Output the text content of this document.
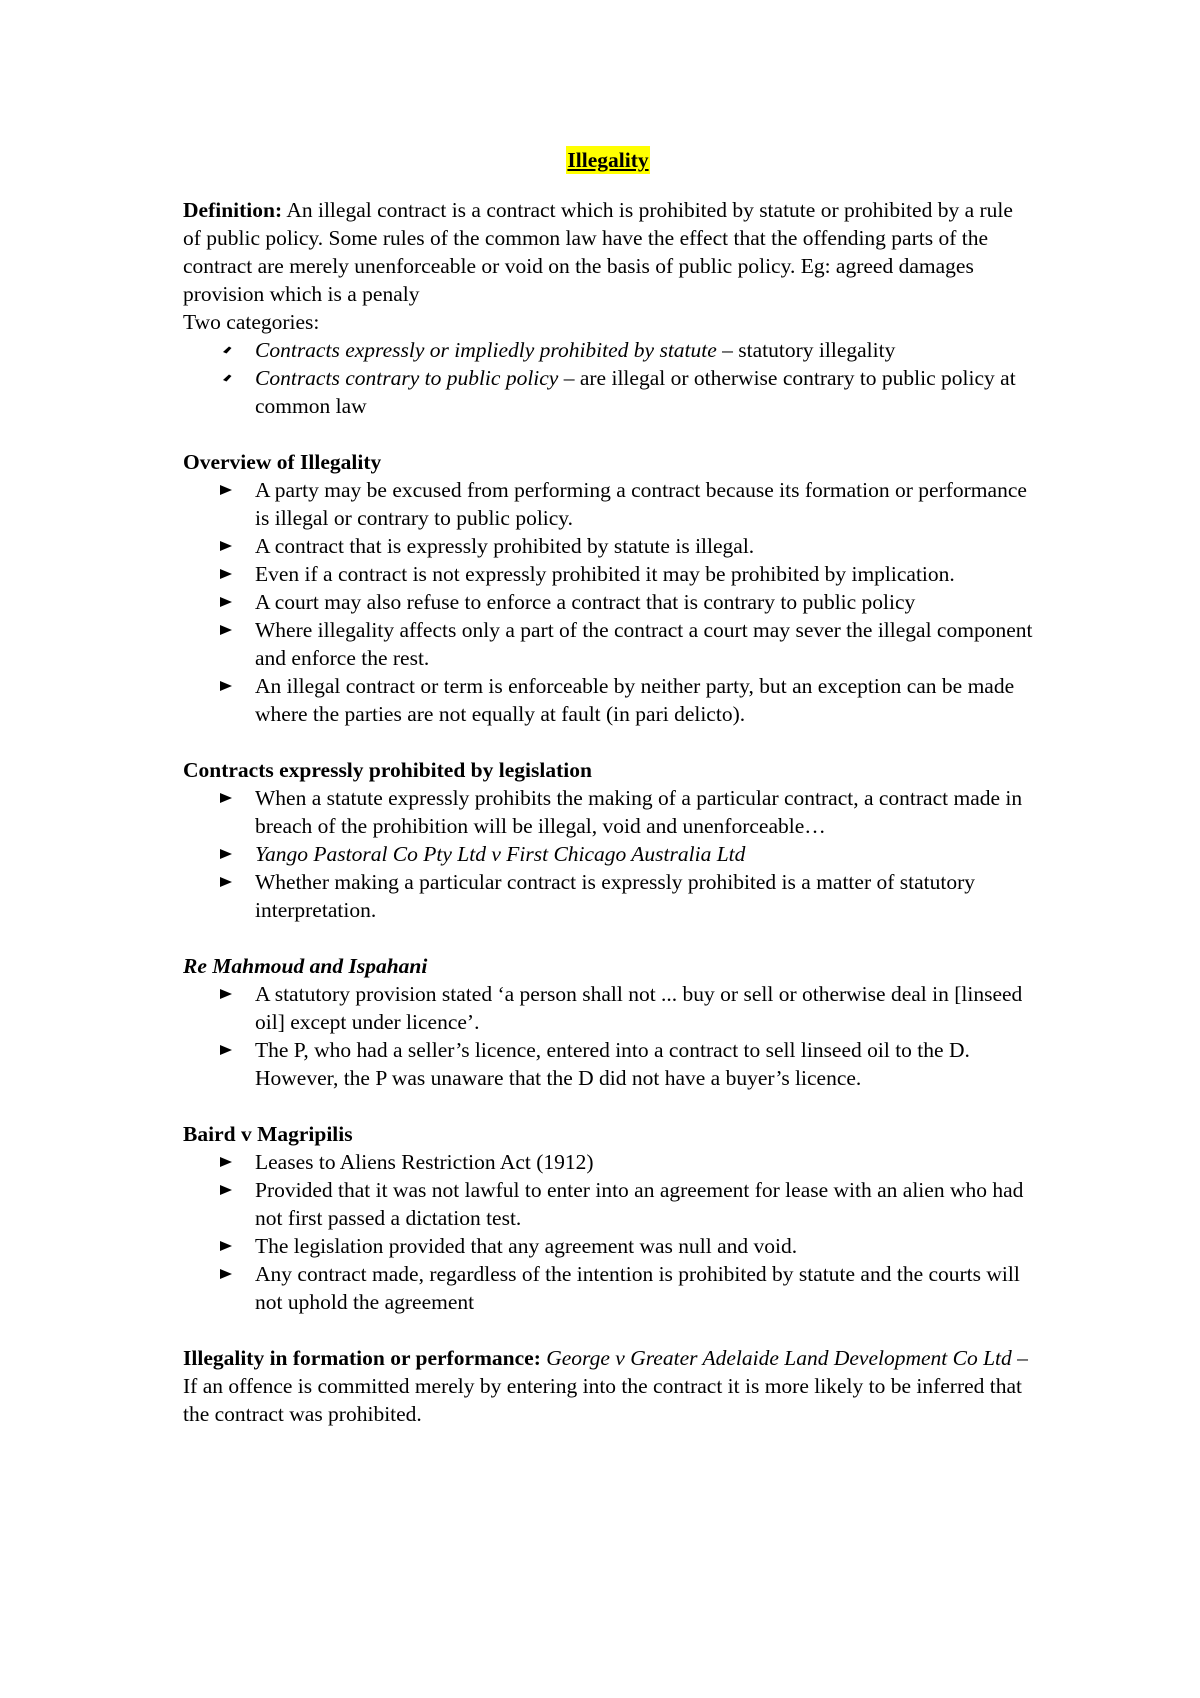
Illegality

Definition: An illegal contract is a contract which is prohibited by statute or prohibited by a rule of public policy. Some rules of the common law have the effect that the offending parts of the contract are merely unenforceable or void on the basis of public policy. Eg: agreed damages provision which is a penaly

Two categories:

Contracts expressly or impliedly prohibited by statute – statutory illegality
Contracts contrary to public policy – are illegal or otherwise contrary to public policy at common law

Overview of Illegality

A party may be excused from performing a contract because its formation or performance is illegal or contrary to public policy.
A contract that is expressly prohibited by statute is illegal.
Even if a contract is not expressly prohibited it may be prohibited by implication.
A court may also refuse to enforce a contract that is contrary to public policy
Where illegality affects only a part of the contract a court may sever the illegal component and enforce the rest.
An illegal contract or term is enforceable by neither party, but an exception can be made where the parties are not equally at fault (in pari delicto).

Contracts expressly prohibited by legislation

When a statute expressly prohibits the making of a particular contract, a contract made in breach of the prohibition will be illegal, void and unenforceable…
Yango Pastoral Co Pty Ltd v First Chicago Australia Ltd
Whether making a particular contract is expressly prohibited is a matter of statutory interpretation.

Re Mahmoud and Ispahani

A statutory provision stated ‘a person shall not ... buy or sell or otherwise deal in [linseed oil] except under licence’.
The P, who had a seller’s licence, entered into a contract to sell linseed oil to the D. However, the P was unaware that the D did not have a buyer’s licence.

Baird v Magripilis

Leases to Aliens Restriction Act (1912)
Provided that it was not lawful to enter into an agreement for lease with an alien who had not first passed a dictation test.
The legislation provided that any agreement was null and void.
Any contract made, regardless of the intention is prohibited by statute and the courts will not uphold the agreement

Illegality in formation or performance: George v Greater Adelaide Land Development Co Ltd – If an offence is committed merely by entering into the contract it is more likely to be inferred that the contract was prohibited.
